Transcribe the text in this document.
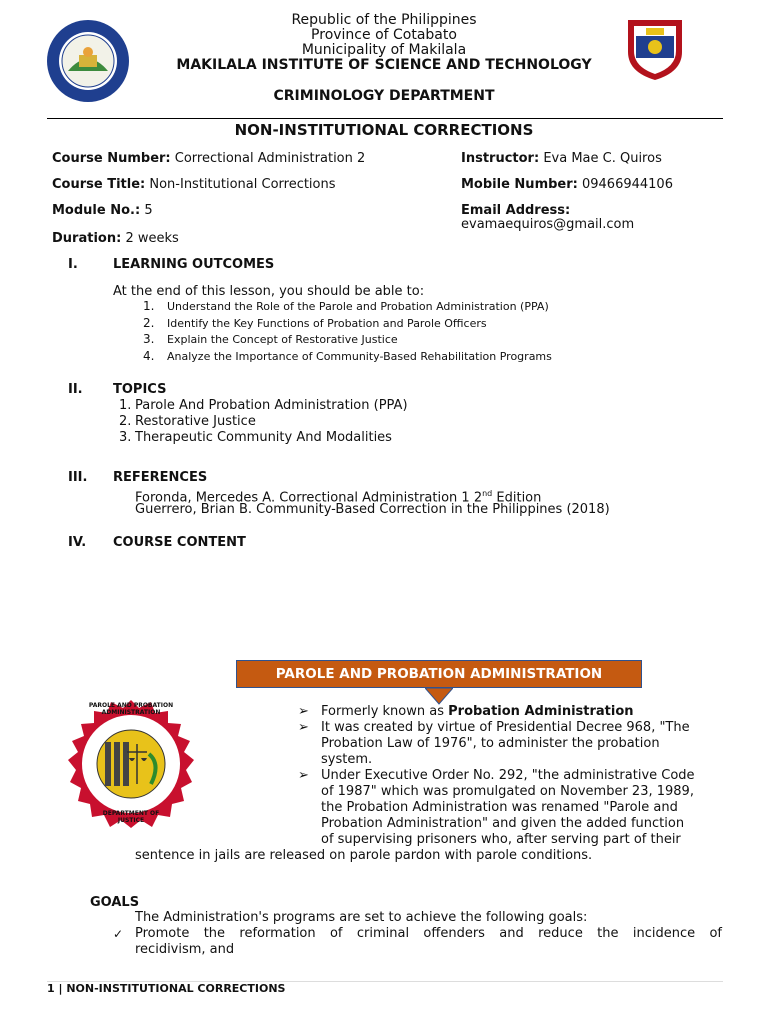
Republic of the Philippines
Province of Cotabato
Municipality of Makilala
MAKILALA INSTITUTE OF SCIENCE AND TECHNOLOGY
CRIMINOLOGY DEPARTMENT
NON-INSTITUTIONAL CORRECTIONS
Course Number: Correctional Administration 2
Course Title: Non-Institutional Corrections
Module No.: 5
Duration: 2 weeks
Instructor: Eva Mae C. Quiros
Mobile Number: 09466944106
Email Address:
evamaequiros@gmail.com
I.	LEARNING OUTCOMES
At the end of this lesson, you should be able to:
1. Understand the Role of the Parole and Probation Administration (PPA)
2. Identify the Key Functions of Probation and Parole Officers
3. Explain the Concept of Restorative Justice
4. Analyze the Importance of Community-Based Rehabilitation Programs
II. TOPICS
1. Parole And Probation Administration (PPA)
2. Restorative Justice
3. Therapeutic Community And Modalities
III. REFERENCES
Foronda, Mercedes A. Correctional Administration 1 2nd Edition
Guerrero, Brian B. Community-Based Correction in the Philippines (2018)
IV. COURSE CONTENT
PAROLE AND PROBATION ADMINISTRATION
PAROLE AND PROBATION ADMINISTRATION
DEPARTMENT OF JUSTICE
➢ Formerly known as Probation Administration
➢ It was created by virtue of Presidential Decree 968, "The
Probation Law of 1976", to administer the probation
system.
➢ Under Executive Order No. 292, "the administrative Code
of 1987" which was promulgated on November 23, 1989,
the Probation Administration was renamed "Parole and
Probation Administration" and given the added function
of supervising prisoners who, after serving part of their
sentence in jails are released on parole pardon with parole conditions.
GOALS
The Administration's programs are set to achieve the following goals:
✓ Promote the reformation of criminal offenders and reduce the incidence of
recidivism, and
1 | NON-INSTITUTIONAL CORRECTIONS
